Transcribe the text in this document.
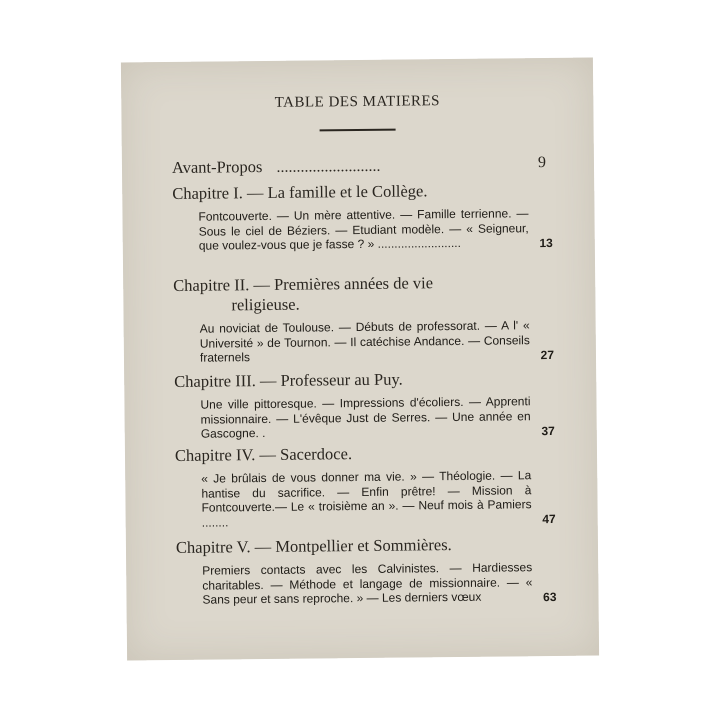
TABLE DES MATIERES
Avant-Propos ..........................	9
Chapitre I. — La famille et le Collège.
Fontcouverte. — Un mère attentive. — Famille terrienne. — Sous le ciel de Béziers. — Etudiant modèle. — « Seigneur, que voulez-vous que je fasse ? » .........................	13
Chapitre II. — Premières années de vie
religieuse.
Au noviciat de Toulouse. — Débuts de professorat. — A l' « Université » de Tournon. — Il catéchise Andance. — Conseils fraternels	27
Chapitre III. — Professeur au Puy.
Une ville pittoresque. — Impressions d'écoliers. — Apprenti missionnaire. — L'évêque Just de Serres. — Une année en Gascogne. .	37
Chapitre IV. — Sacerdoce.
« Je brûlais de vous donner ma vie. » — Théologie. — La hantise du sacrifice. — Enfin prêtre! — Mission à Fontcouverte.— Le « troisième an ». — Neuf mois à Pamiers ........	47
Chapitre V. — Montpellier et Sommières.
Premiers contacts avec les Calvinistes. — Hardiesses charitables. — Méthode et langage de missionnaire. — « Sans peur et sans reproche. » — Les derniers vœux	63
